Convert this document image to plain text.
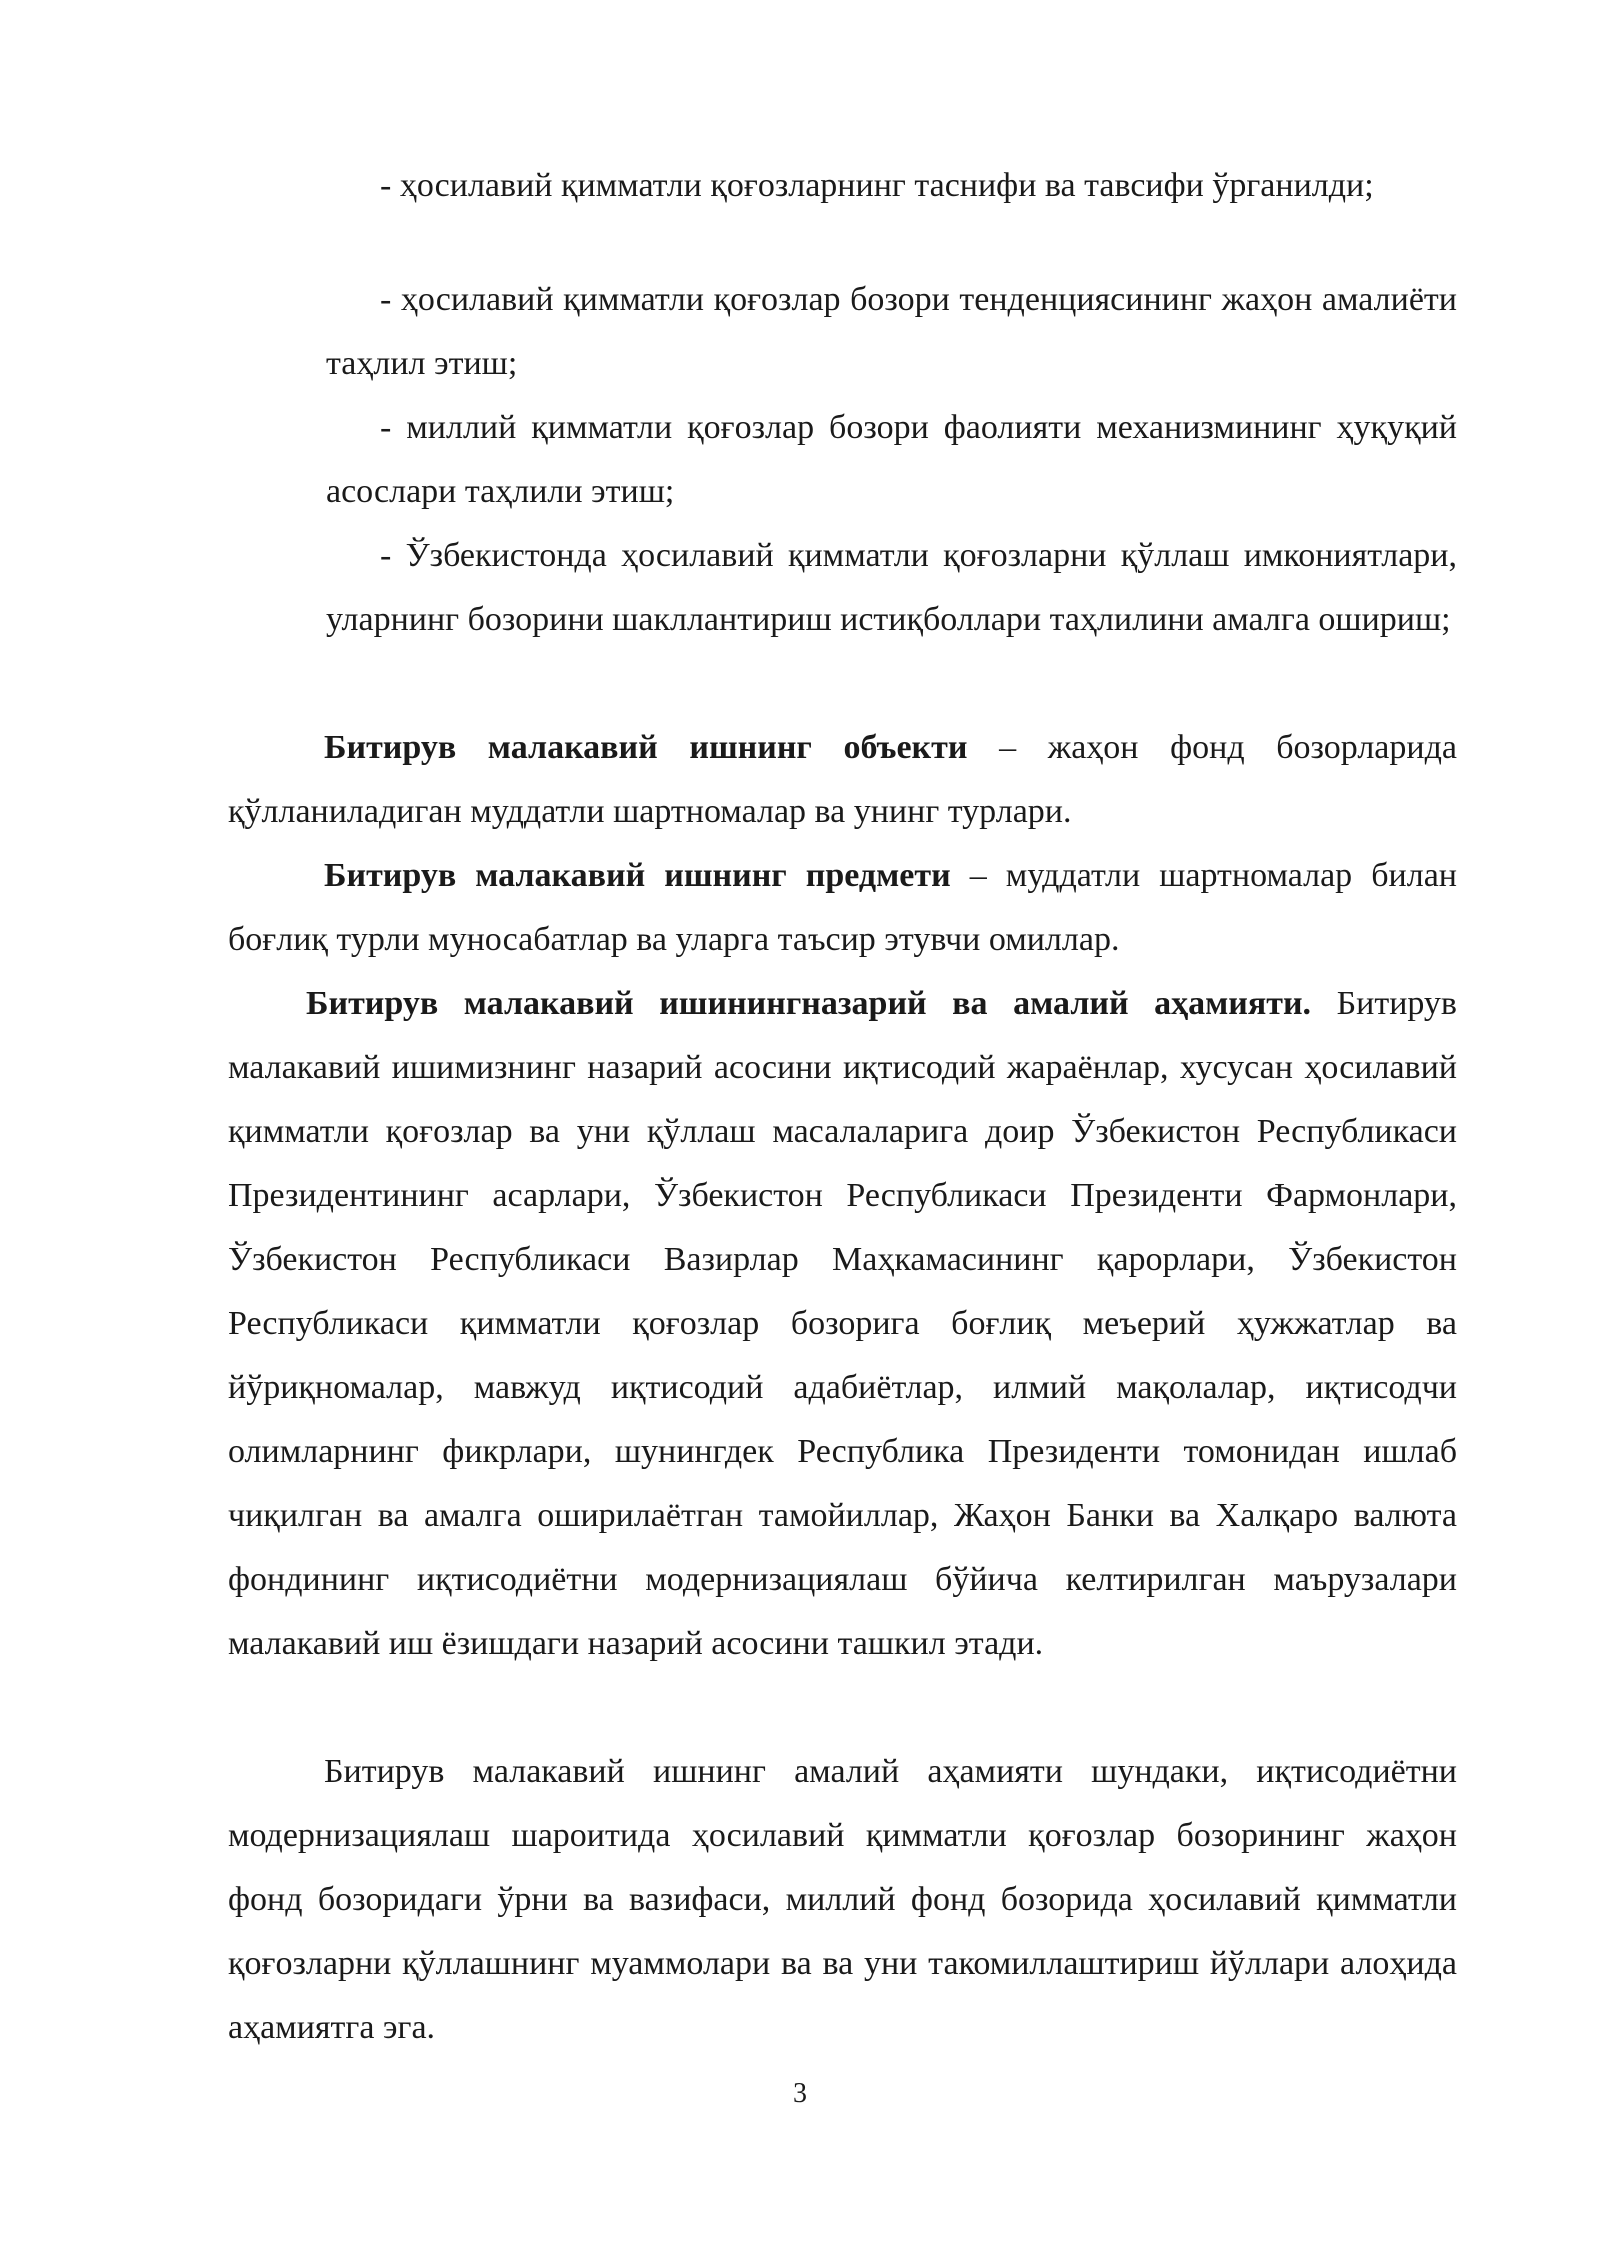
- ҳосилавий қимматли қоғозларнинг таснифи ва тавсифи ўрганилди;
- ҳосилавий қимматли қоғозлар бозори тенденциясининг жаҳон амалиёти таҳлил этиш;
- миллий қимматли қоғозлар бозори фаолияти механизмининг ҳуқуқий асослари таҳлили этиш;
- Ўзбекистонда ҳосилавий қимматли қоғозларни қўллаш имкониятлари, уларнинг бозорини шакллантириш истиқболлари таҳлилини амалга ошириш;
Битирув малакавий ишнинг объекти – жаҳон фонд бозорларида қўлланиладиган муддатли шартномалар ва унинг турлари.
Битирув малакавий ишнинг предмети – муддатли шартномалар билан боғлиқ турли муносабатлар ва уларга таъсир этувчи омиллар.
Битирув малакавий ишинингназарий ва амалий аҳамияти. Битирув малакавий ишимизнинг назарий асосини иқтисодий жараёнлар, хусусан ҳосилавий қимматли қоғозлар ва уни қўллаш масалаларига доир Ўзбекистон Республикаси Президентининг асарлари, Ўзбекистон Республикаси Президенти Фармонлари, Ўзбекистон Республикаси Вазирлар Маҳкамасининг қарорлари, Ўзбекистон Республикаси қимматли қоғозлар бозорига боғлиқ меъерий ҳужжатлар ва йўриқномалар, мавжуд иқтисодий адабиётлар, илмий мақолалар, иқтисодчи олимларнинг фикрлари, шунингдек Республика Президенти томонидан ишлаб чиқилган ва амалга оширилаётган тамойиллар, Жаҳон Банки ва Халқаро валюта фондининг иқтисодиётни модернизациялаш бўйича келтирилган маърузалари малакавий иш ёзишдаги назарий асосини ташкил этади.
Битирув малакавий ишнинг амалий аҳамияти шундаки, иқтисодиётни модернизациялаш шароитида ҳосилавий қимматли қоғозлар бозорининг жаҳон фонд бозоридаги ўрни ва вазифаси, миллий фонд бозорида ҳосилавий қимматли қоғозларни қўллашнинг муаммолари ва ва уни такомиллаштириш йўллари алоҳида аҳамиятга эга.
3
